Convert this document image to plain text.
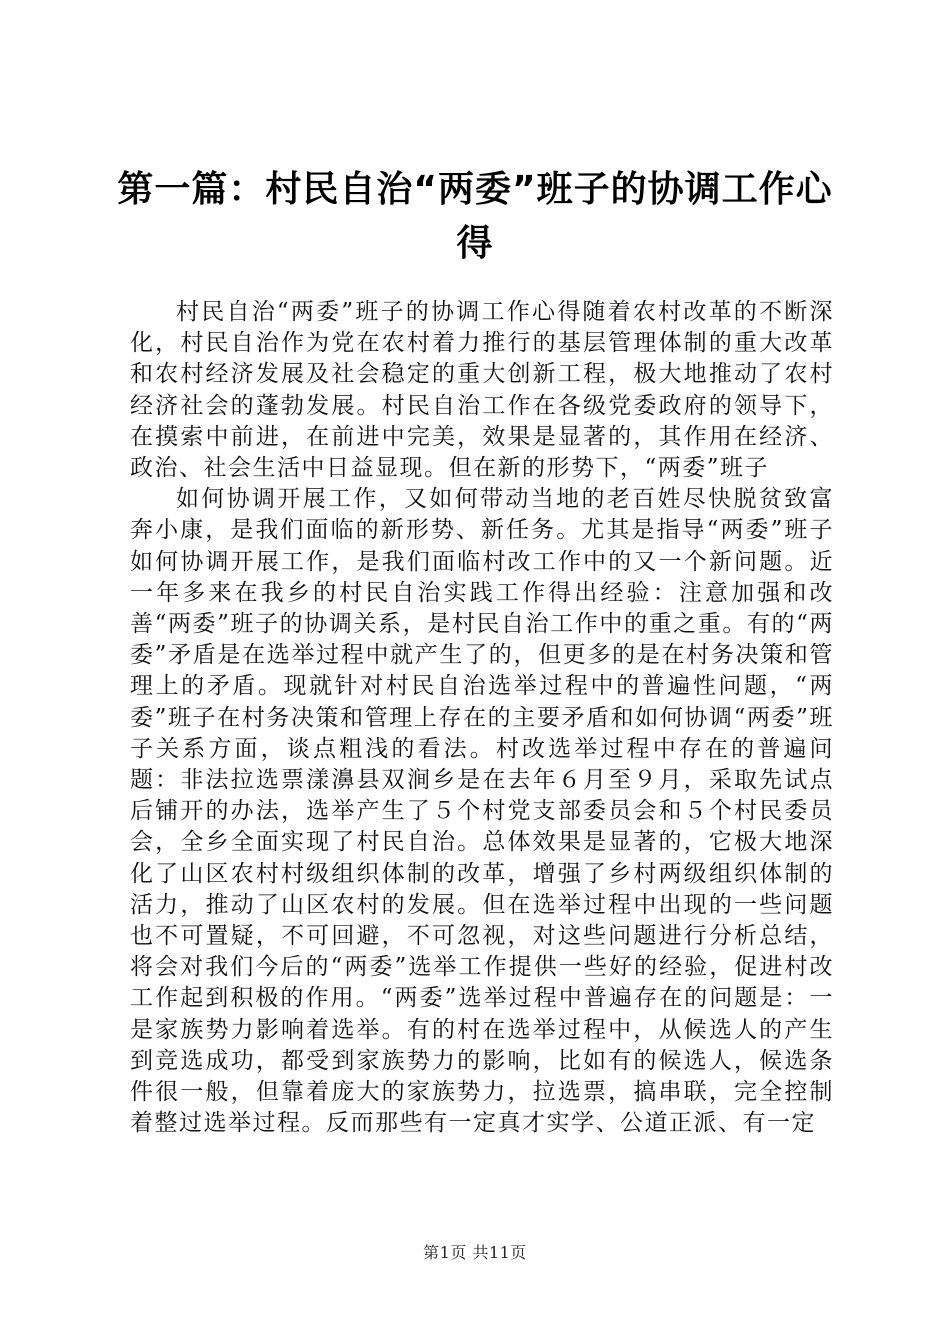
第一篇：村民自治“两委”班子的协调工作心得

村民自治“两委”班子的协调工作心得随着农村改革的不断深化，村民自治作为党在农村着力推行的基层管理体制的重大改革和农村经济发展及社会稳定的重大创新工程，极大地推动了农村经济社会的蓬勃发展。村民自治工作在各级党委政府的领导下，在摸索中前进，在前进中完美，效果是显著的，其作用在经济、政治、社会生活中日益显现。但在新的形势下，“两委”班子

如何协调开展工作，又如何带动当地的老百姓尽快脱贫致富奔小康，是我们面临的新形势、新任务。尤其是指导“两委”班子如何协调开展工作，是我们面临村改工作中的又一个新问题。近一年多来在我乡的村民自治实践工作得出经验：注意加强和改善“两委”班子的协调关系，是村民自治工作中的重之重。有的“两委”矛盾是在选举过程中就产生了的，但更多的是在村务决策和管理上的矛盾。现就针对村民自治选举过程中的普遍性问题，“两委”班子在村务决策和管理上存在的主要矛盾和如何协调“两委”班子关系方面，谈点粗浅的看法。村改选举过程中存在的普遍问题：非法拉选票漾濞县双涧乡是在去年６月至９月，采取先试点后铺开的办法，选举产生了５个村党支部委员会和５个村民委员会，全乡全面实现了村民自治。总体效果是显著的，它极大地深化了山区农村村级组织体制的改革，增强了乡村两级组织体制的活力，推动了山区农村的发展。但在选举过程中出现的一些问题也不可置疑，不可回避，不可忽视，对这些问题进行分析总结，将会对我们今后的“两委”选举工作提供一些好的经验，促进村改工作起到积极的作用。“两委”选举过程中普遍存在的问题是：一是家族势力影响着选举。有的村在选举过程中，从候选人的产生到竞选成功，都受到家族势力的影响，比如有的候选人，候选条件很一般，但靠着庞大的家族势力，拉选票，搞串联，完全控制着整过选举过程。反而那些有一定真才实学、公道正派、有一定

第1页 共11页
